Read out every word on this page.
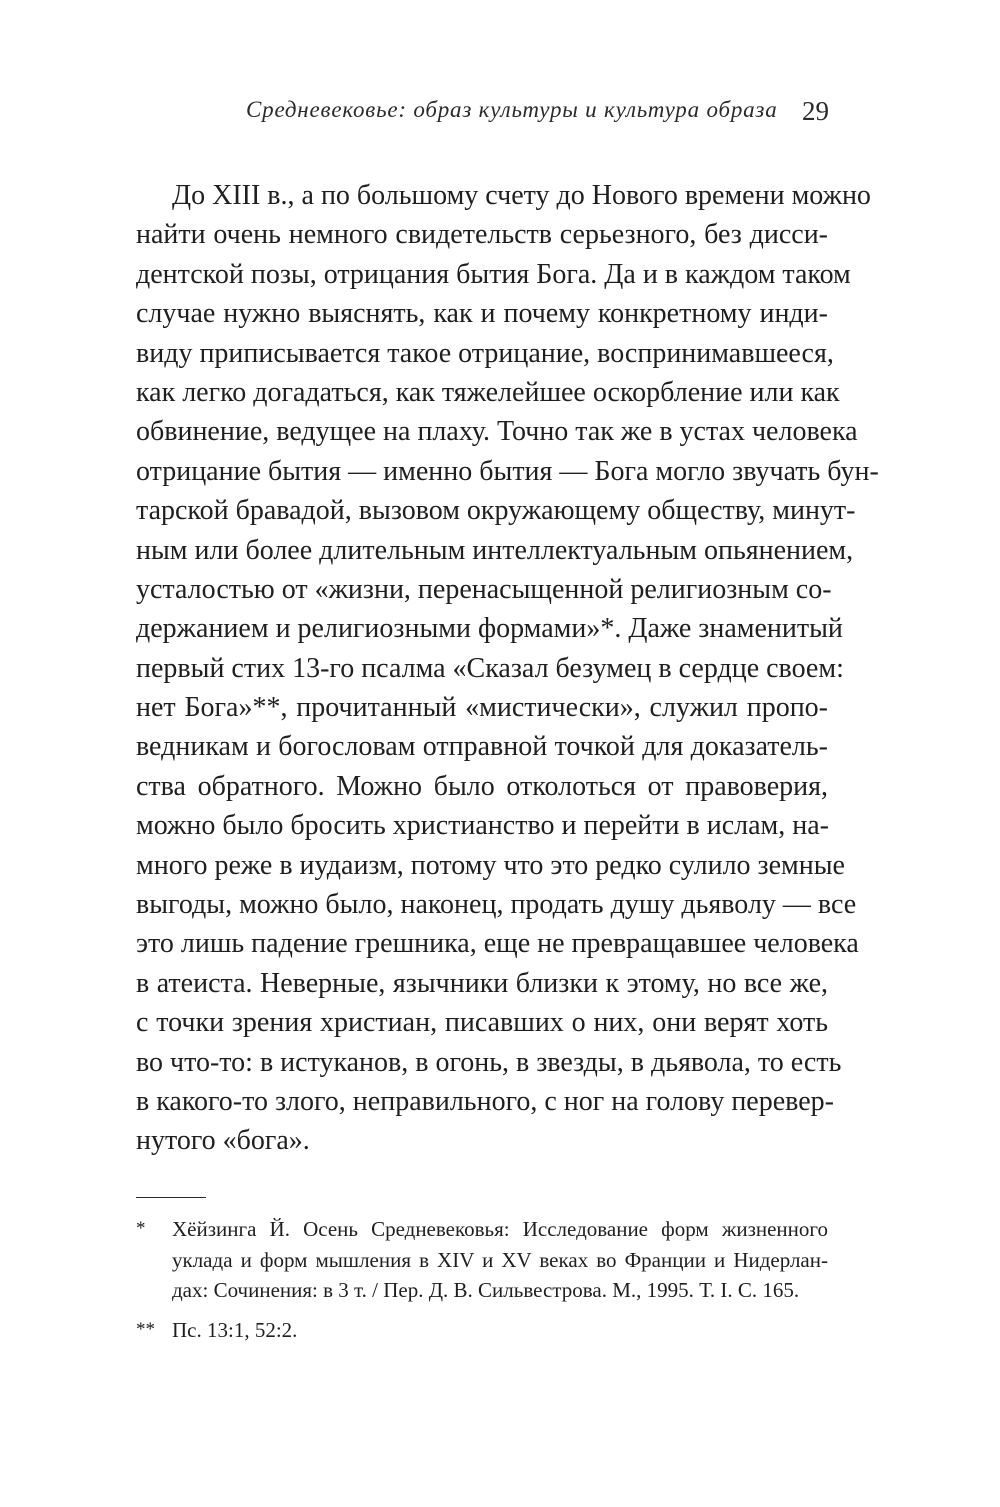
Средневековье: образ культуры и культура образа 29
До XIII в., а по большому счету до Нового времени можно
найти очень немного свидетельств серьезного, без дисси-
дентской позы, отрицания бытия Бога. Да и в каждом таком
случае нужно выяснять, как и почему конкретному инди-
виду приписывается такое отрицание, воспринимавшееся,
как легко догадаться, как тяжелейшее оскорбление или как
обвинение, ведущее на плаху. Точно так же в устах человека
отрицание бытия — именно бытия — Бога могло звучать бун-
тарской бравадой, вызовом окружающему обществу, минут-
ным или более длительным интеллектуальным опьянением,
усталостью от «жизни, перенасыщенной религиозным со-
держанием и религиозными формами»*. Даже знаменитый
первый стих 13-го псалма «Сказал безумец в сердце своем:
нет Бога»**, прочитанный «мистически», служил пропо-
ведникам и богословам отправной точкой для доказатель-
ства обратного. Можно было отколоться от правоверия,
можно было бросить христианство и перейти в ислам, на-
много реже в иудаизм, потому что это редко сулило земные
выгоды, можно было, наконец, продать душу дьяволу — все
это лишь падение грешника, еще не превращавшее человека
в атеиста. Неверные, язычники близки к этому, но все же,
с точки зрения христиан, писавших о них, они верят хоть
во что-то: в истуканов, в огонь, в звезды, в дьявола, то есть
в какого-то злого, неправильного, с ног на голову перевер-
нутого «бога».
*	Хёйзинга Й. Осень Средневековья: Исследование форм жизненного
уклада и форм мышления в XIV и XV веках во Франции и Нидерлан-
дах: Сочинения: в 3 т. / Пер. Д. В. Сильвестрова. М., 1995. Т. I. С. 165.
** Пс. 13:1, 52:2.
